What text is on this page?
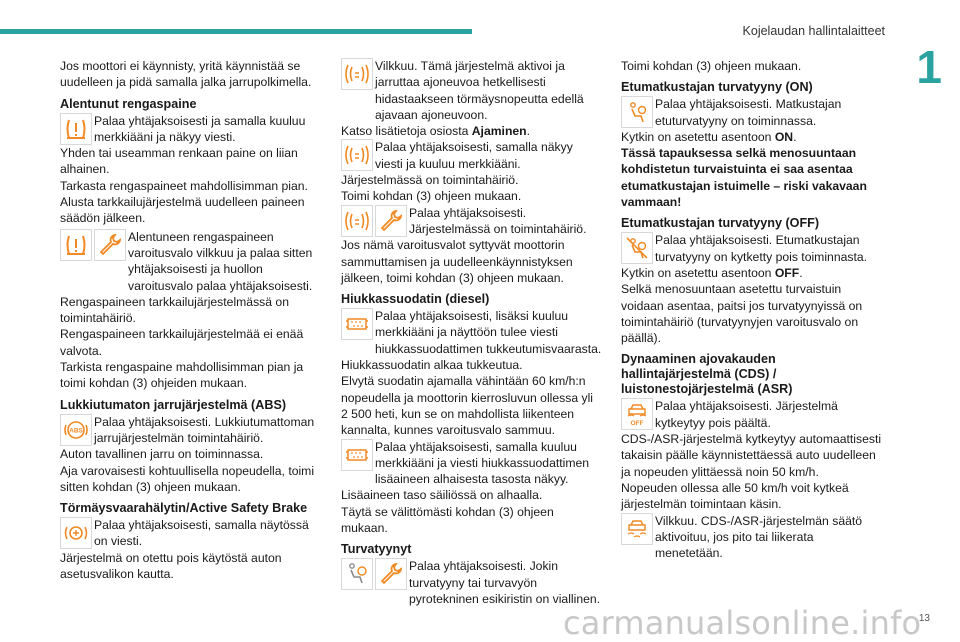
Kojelaudan hallintalaitteet
1

Jos moottori ei käynnisty, yritä käynnistää se uudelleen ja pidä samalla jalka jarrupolkimella.

Alentunut rengaspaine
Palaa yhtäjaksoisesti ja samalla kuuluu merkkiääni ja näkyy viesti.

Yhden tai useamman renkaan paine on liian alhainen.

Tarkasta rengaspaineet mahdollisimman pian.

Alusta tarkkailujärjestelmä uudelleen paineen säädön jälkeen.

Alentuneen rengaspaineen varoitusvalo vilkkuu ja palaa sitten yhtäjaksoisesti ja huollon varoitusvalo palaa yhtäjaksoisesti.

Rengaspaineen tarkkailujärjestelmässä on toimintahäiriö.

Rengaspaineen tarkkailujärjestelmää ei enää valvota.

Tarkista rengaspaine mahdollisimman pian ja toimi kohdan (3) ohjeiden mukaan.

Lukkiutumaton jarrujärjestelmä (ABS)
ABS
Palaa yhtäjaksoisesti. Lukkiutumattoman jarrujärjestelmän toimintahäiriö.

Auton tavallinen jarru on toiminnassa.

Aja varovaisesti kohtuullisella nopeudella, toimi sitten kohdan (3) ohjeen mukaan.

Törmäysvaarahälytin/Active Safety Brake
Palaa yhtäjaksoisesti, samalla näytössä on viesti.

Järjestelmä on otettu pois käytöstä auton asetusvalikon kautta.

Vilkkuu. Tämä järjestelmä aktivoi ja jarruttaa ajoneuvoa hetkellisesti hidastaakseen törmäysnopeutta edellä ajavaan ajoneuvoon.

Katso lisätietoja osiosta Ajaminen.

Palaa yhtäjaksoisesti, samalla näkyy viesti ja kuuluu merkkiääni.

Järjestelmässä on toimintahäiriö.

Toimi kohdan (3) ohjeen mukaan.

Palaa yhtäjaksoisesti. Järjestelmässä on toimintahäiriö.

Jos nämä varoitusvalot syttyvät moottorin sammuttamisen ja uudelleenkäynnistyksen jälkeen, toimi kohdan (3) ohjeen mukaan.

Hiukkassuodatin (diesel)
Palaa yhtäjaksoisesti, lisäksi kuuluu merkkiääni ja näyttöön tulee viesti hiukkassuodattimen tukkeutumisvaarasta.

Hiukkassuodatin alkaa tukkeutua.

Elvytä suodatin ajamalla vähintään 60 km/h:n nopeudella ja moottorin kierrosluvun ollessa yli 2 500 heti, kun se on mahdollista liikenteen kannalta, kunnes varoitusvalo sammuu.

Palaa yhtäjaksoisesti, samalla kuuluu merkkiääni ja viesti hiukkassuodattimen lisäaineen alhaisesta tasosta näkyy.

Lisäaineen taso säiliössä on alhaalla.

Täytä se välittömästi kohdan (3) ohjeen mukaan.

Turvatyynyt
Palaa yhtäjaksoisesti. Jokin turvatyyny tai turvavyön pyrotekninen esikiristin on viallinen.

Toimi kohdan (3) ohjeen mukaan.

Etumatkustajan turvatyyny (ON)
Palaa yhtäjaksoisesti. Matkustajan etuturvatyyny on toiminnassa.

Kytkin on asetettu asentoon ON.

Tässä tapauksessa selkä menosuuntaan kohdistetun turvaistuinta ei saa asentaa etumatkustajan istuimelle – riski vakavaan vammaan!

Etumatkustajan turvatyyny (OFF)
Palaa yhtäjaksoisesti. Etumatkustajan turvatyyny on kytketty pois toiminnasta.

Kytkin on asetettu asentoon OFF.

Selkä menosuuntaan asetettu turvaistuin voidaan asentaa, paitsi jos turvatyynyissä on toimintahäiriö (turvatyynyjen varoitusvalo on päällä).

Dynaaminen ajovakauden hallintajärjestelmä (CDS) / luistonestojärjestelmä (ASR)
OFF
Palaa yhtäjaksoisesti. Järjestelmä kytkeytyy pois päältä.

CDS-/ASR-järjestelmä kytkeytyy automaattisesti takaisin päälle käynnistettäessä auto uudelleen ja nopeuden ylittäessä noin 50 km/h.

Nopeuden ollessa alle 50 km/h voit kytkeä järjestelmän toimintaan käsin.

Vilkkuu. CDS-/ASR-järjestelmän säätö aktivoituu, jos pito tai liikerata menetetään.
carmanualsonline.info
13
